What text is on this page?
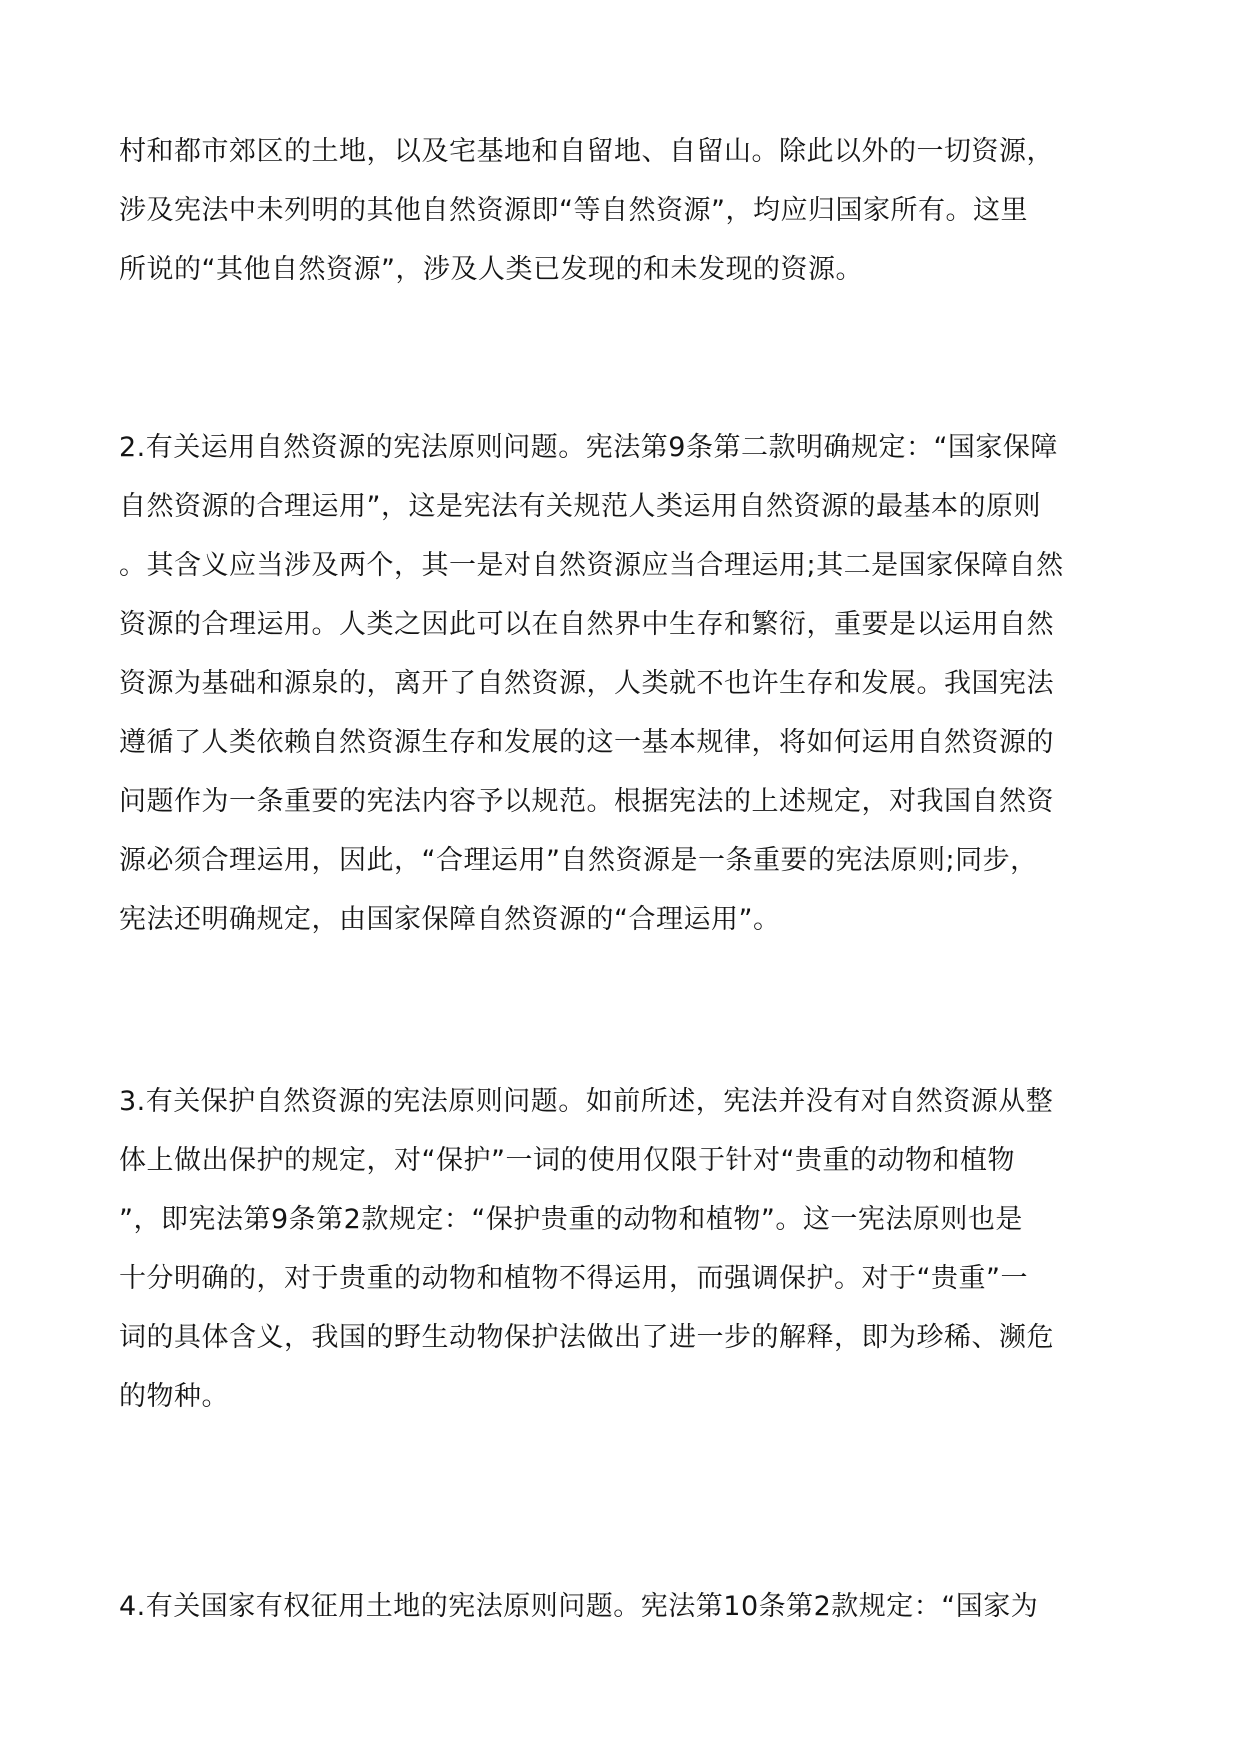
村和都市郊区的土地，以及宅基地和自留地、自留山。除此以外的一切资源，
涉及宪法中未列明的其他自然资源即“等自然资源”，均应归国家所有。这里
所说的“其他自然资源”，涉及人类已发现的和未发现的资源。
2.有关运用自然资源的宪法原则问题。宪法第9条第二款明确规定：“国家保障
自然资源的合理运用”，这是宪法有关规范人类运用自然资源的最基本的原则
。其含义应当涉及两个，其一是对自然资源应当合理运用;其二是国家保障自然
资源的合理运用。人类之因此可以在自然界中生存和繁衍，重要是以运用自然
资源为基础和源泉的，离开了自然资源，人类就不也许生存和发展。我国宪法
遵循了人类依赖自然资源生存和发展的这一基本规律，将如何运用自然资源的
问题作为一条重要的宪法内容予以规范。根据宪法的上述规定，对我国自然资
源必须合理运用，因此，“合理运用”自然资源是一条重要的宪法原则;同步，
宪法还明确规定，由国家保障自然资源的“合理运用”。
3.有关保护自然资源的宪法原则问题。如前所述，宪法并没有对自然资源从整
体上做出保护的规定，对“保护”一词的使用仅限于针对“贵重的动物和植物
”，即宪法第9条第2款规定：“保护贵重的动物和植物”。这一宪法原则也是
十分明确的，对于贵重的动物和植物不得运用，而强调保护。对于“贵重”一
词的具体含义，我国的野生动物保护法做出了进一步的解释，即为珍稀、濒危
的物种。
4.有关国家有权征用土地的宪法原则问题。宪法第10条第2款规定：“国家为
